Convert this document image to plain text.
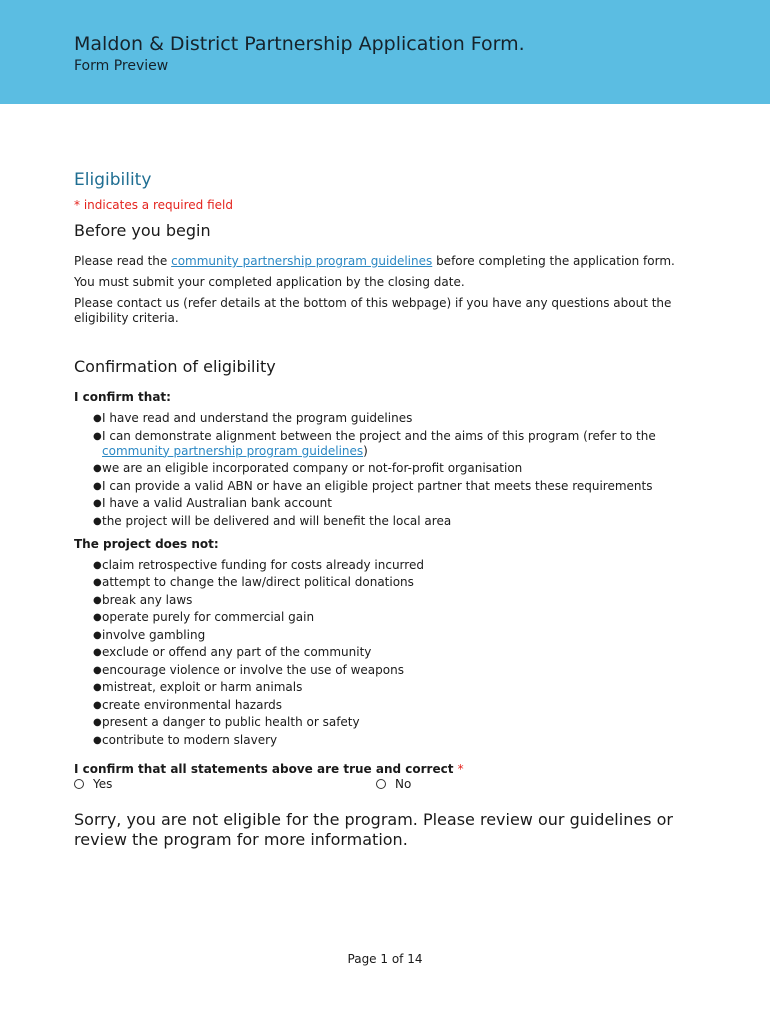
Maldon & District Partnership Application Form.
Form Preview
Eligibility
* indicates a required field
Before you begin

Please read the community partnership program guidelines before completing the application form.

You must submit your completed application by the closing date.

Please contact us (refer details at the bottom of this webpage) if you have any questions about the eligibility criteria.

Confirmation of eligibility
I confirm that:
● I have read and understand the program guidelines
● I can demonstrate alignment between the project and the aims of this program (refer to the community partnership program guidelines)
● we are an eligible incorporated company or not-for-profit organisation
● I can provide a valid ABN or have an eligible project partner that meets these requirements
● I have a valid Australian bank account
● the project will be delivered and will benefit the local area
The project does not:
● claim retrospective funding for costs already incurred
● attempt to change the law/direct political donations
● break any laws
● operate purely for commercial gain
● involve gambling
● exclude or offend any part of the community
● encourage violence or involve the use of weapons
● mistreat, exploit or harm animals
● create environmental hazards
● present a danger to public health or safety
● contribute to modern slavery
I confirm that all statements above are true and correct *
Yes	No
Sorry, you are not eligible for the program. Please review our guidelines or review the program for more information.
Page 1 of 14
